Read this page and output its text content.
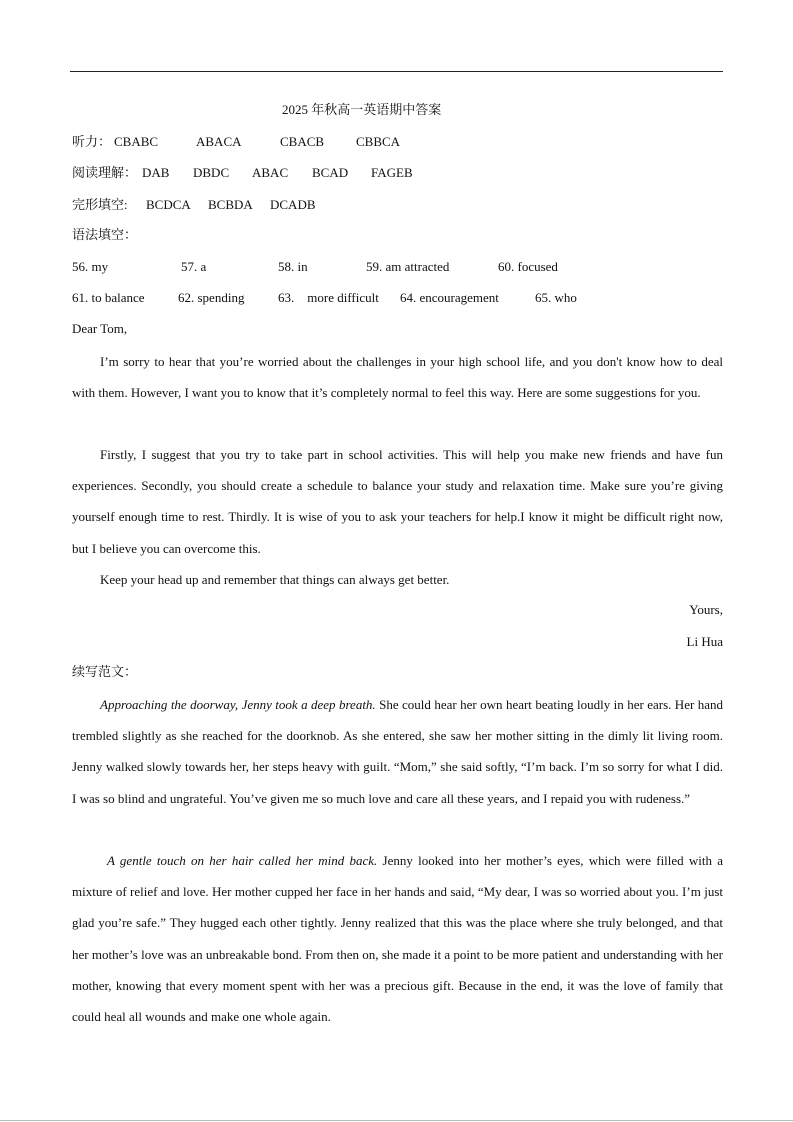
2025 年秋高一英语期中答案
听力： CBABC	ABACA	CBACB CBBCA
阅读理解： DAB DBDC ABAC BCAD FAGEB
完形填空: BCDCA BCBDA DCADB
语法填空：
56. my	57. a	58. in	59. am attracted	60. focused
61. to balance	62. spending	63.　more difficult 64. encouragement	65. who
Dear Tom,
I’m sorry to hear that you’re worried about the challenges in your high school life, and you don't know how to deal with them. However, I want you to know that it’s completely normal to feel this way. Here are some suggestions for you.
Firstly, I suggest that you try to take part in school activities. This will help you make new friends and have fun experiences. Secondly, you should create a schedule to balance your study and relaxation time. Make sure you’re giving yourself enough time to rest. Thirdly. It is wise of you to ask your teachers for help.I know it might be difficult right now, but I believe you can overcome this.
Keep your head up and remember that things can always get better.
Yours,
Li Hua
续写范文：
Approaching the doorway, Jenny took a deep breath. She could hear her own heart beating loudly in her ears. Her hand trembled slightly as she reached for the doorknob. As she entered, she saw her mother sitting in the dimly lit living room. Jenny walked slowly towards her, her steps heavy with guilt. “Mom,” she said softly, “I’m back. I’m so sorry for what I did. I was so blind and ungrateful. You’ve given me so much love and care all these years, and I repaid you with rudeness.”
A gentle touch on her hair called her mind back. Jenny looked into her mother’s eyes, which were filled with a mixture of relief and love. Her mother cupped her face in her hands and said, “My dear, I was so worried about you. I’m just glad you’re safe.” They hugged each other tightly. Jenny realized that this was the place where she truly belonged, and that her mother’s love was an unbreakable bond. From then on, she made it a point to be more patient and understanding with her mother, knowing that every moment spent with her was a precious gift. Because in the end, it was the love of family that could heal all wounds and make one whole again.
